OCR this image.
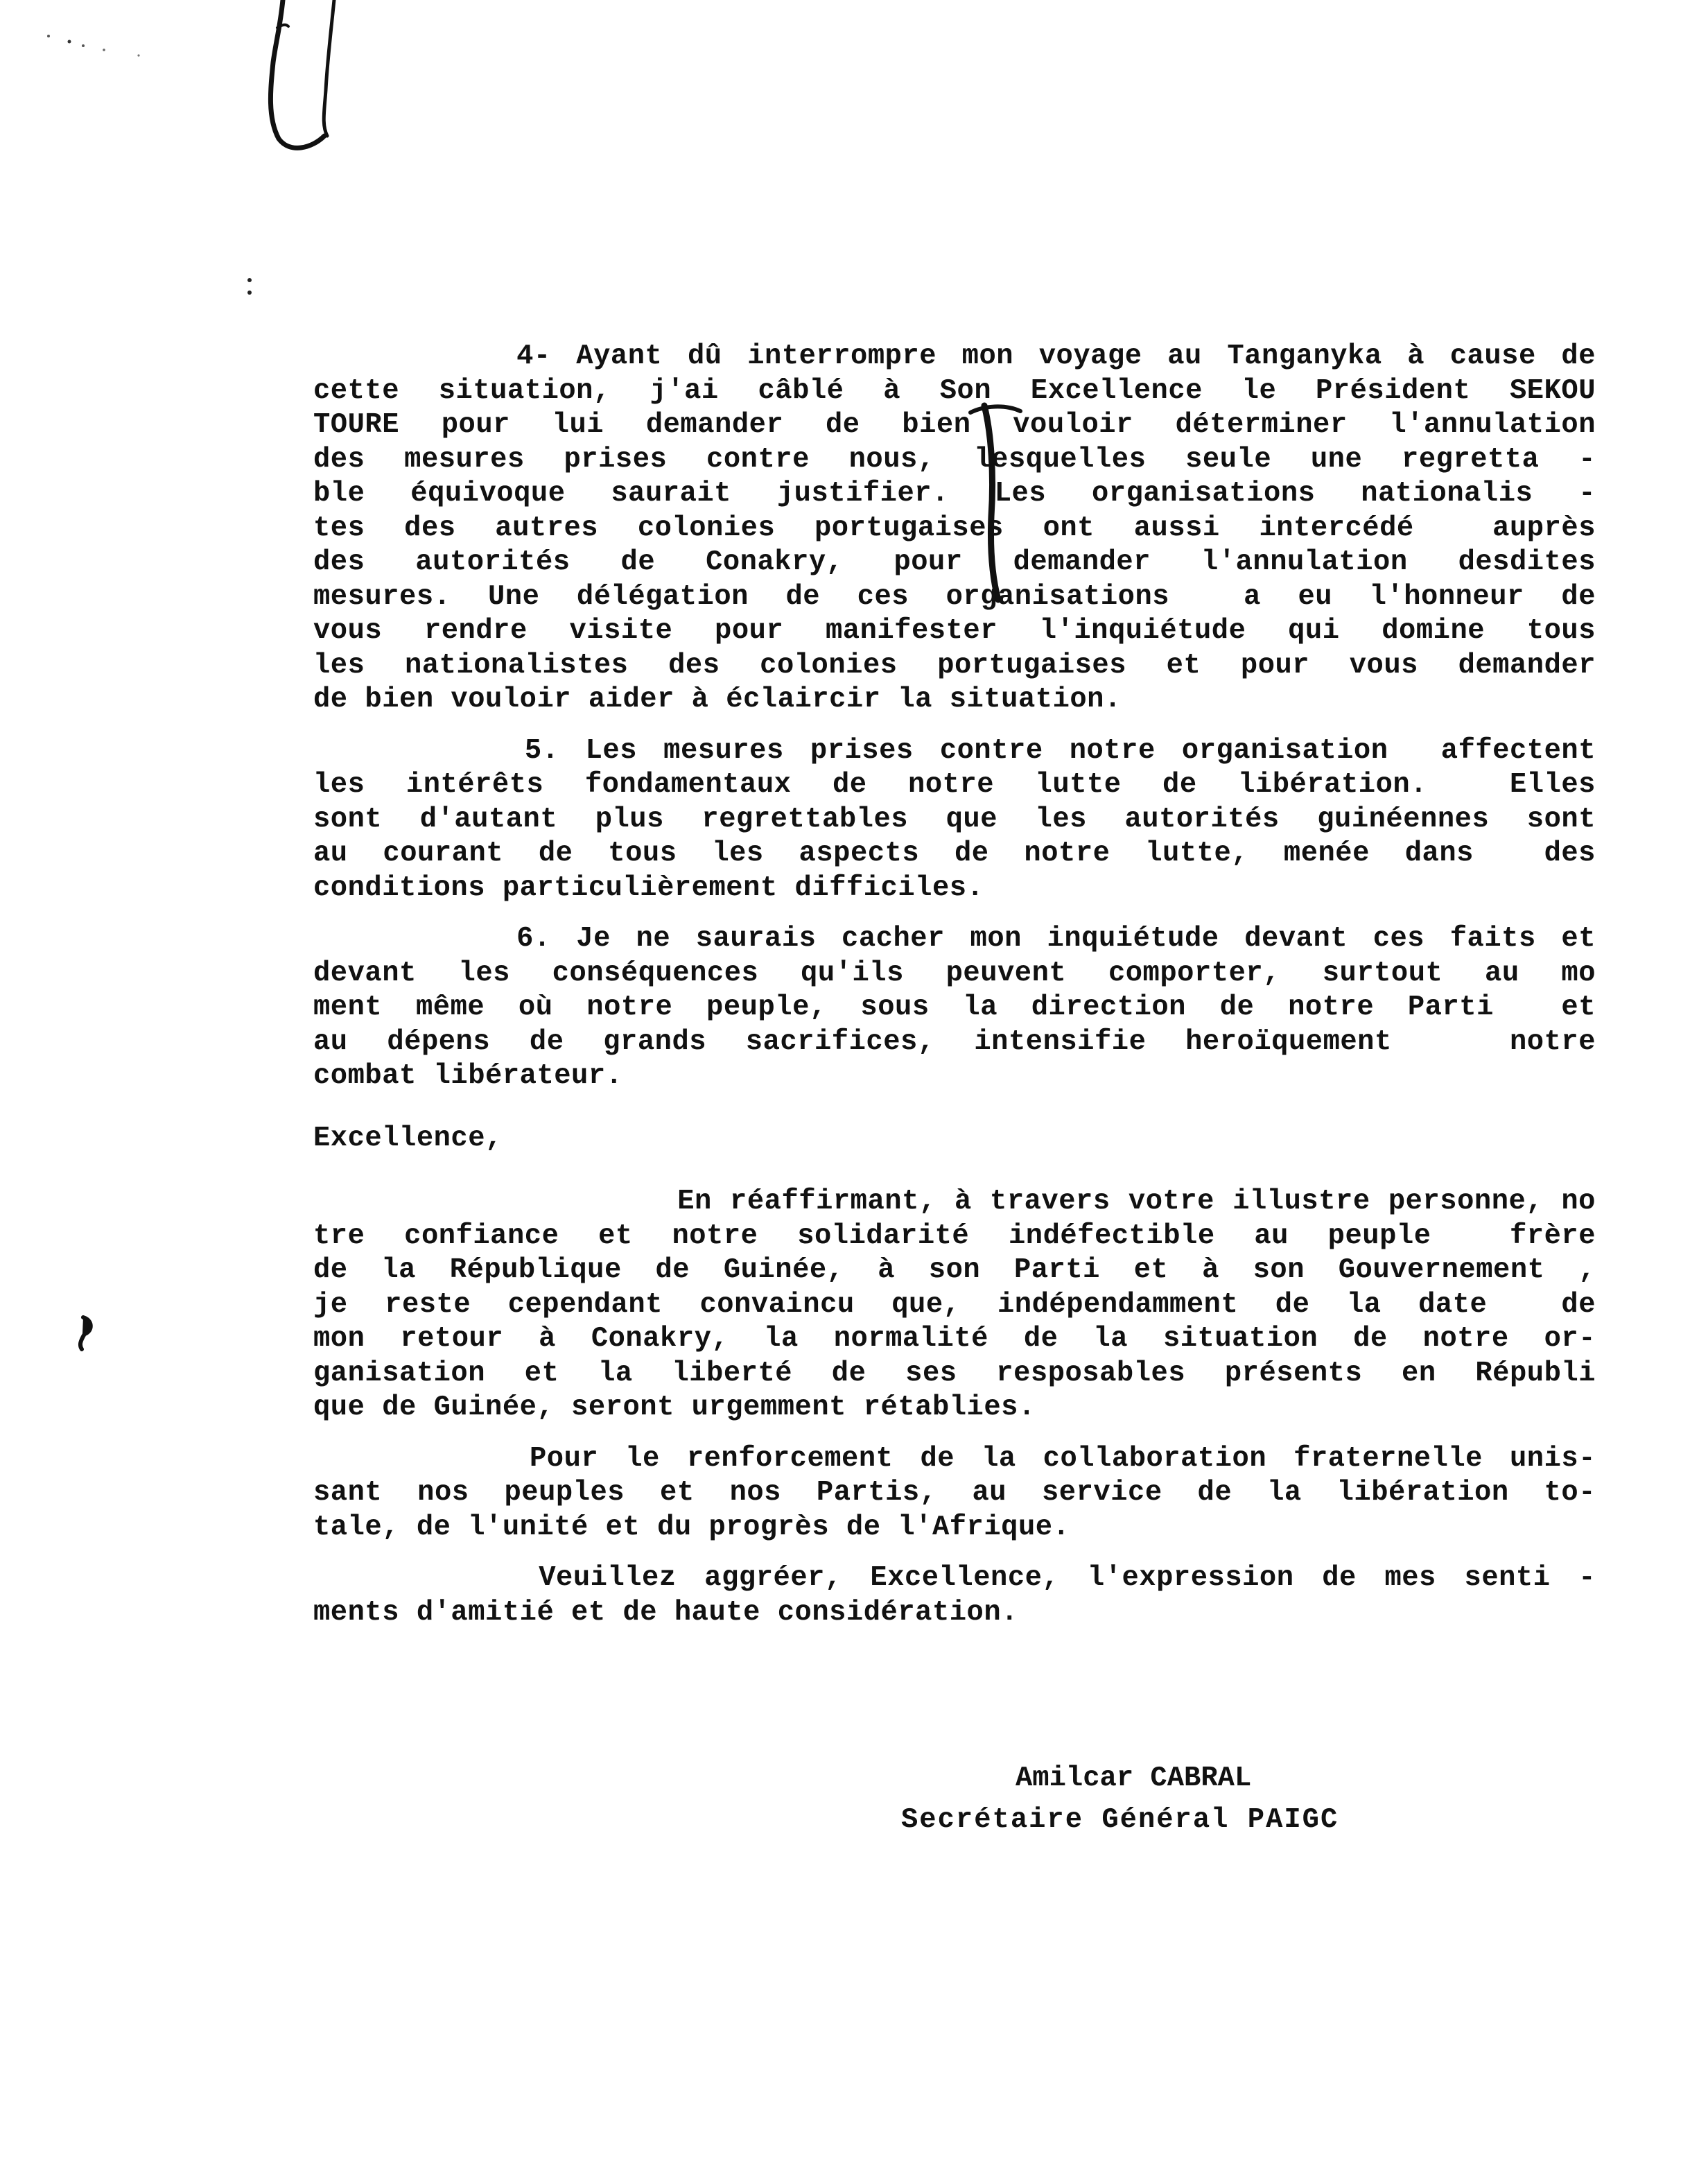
4- Ayant dû interrompre mon voyage au Tanganyka à cause de
cette situation, j'ai câblé à Son Excellence le Président SEKOU
TOURE pour lui demander de bien vouloir déterminer l'annulation
des mesures prises contre nous, lesquelles seule une regretta -
ble équivoque saurait justifier. Les organisations nationalis -
tes des autres colonies portugaises ont aussi intercédé  auprès
des autorités de Conakry, pour demander l'annulation desdites
mesures. Une délégation de ces organisations  a eu l'honneur de
vous rendre visite pour manifester l'inquiétude qui domine tous
les nationalistes des colonies portugaises et pour vous demander
de bien vouloir aider à éclaircir la situation.
5. Les mesures prises contre notre organisation  affectent
les intérêts fondamentaux de notre lutte de libération.  Elles
sont d'autant plus regrettables que les autorités guinéennes sont
au courant de tous les aspects de notre lutte, menée dans  des
conditions particulièrement difficiles.
6. Je ne saurais cacher mon inquiétude devant ces faits et
devant les conséquences qu'ils peuvent comporter, surtout au mo
ment même où notre peuple, sous la direction de notre Parti  et
au dépens de grands sacrifices, intensifie heroïquement   notre
combat libérateur.
Excellence,
En réaffirmant, à travers votre illustre personne, no
tre confiance et notre solidarité indéfectible au peuple  frère
de la République de Guinée, à son Parti et à son Gouvernement ,
je reste cependant convaincu que, indépendamment de la date  de
mon retour à Conakry, la normalité de la situation de notre or-
ganisation et la liberté de ses resposables présents en Républi
que de Guinée, seront urgemment rétablies.
Pour le renforcement de la collaboration fraternelle unis-
sant nos peuples et nos Partis, au service de la libération to-
tale, de l'unité et du progrès de l'Afrique.
Veuillez aggréer, Excellence, l'expression de mes senti -
ments d'amitié et de haute considération.
Amilcar CABRAL
Secrétaire Général PAIGC
